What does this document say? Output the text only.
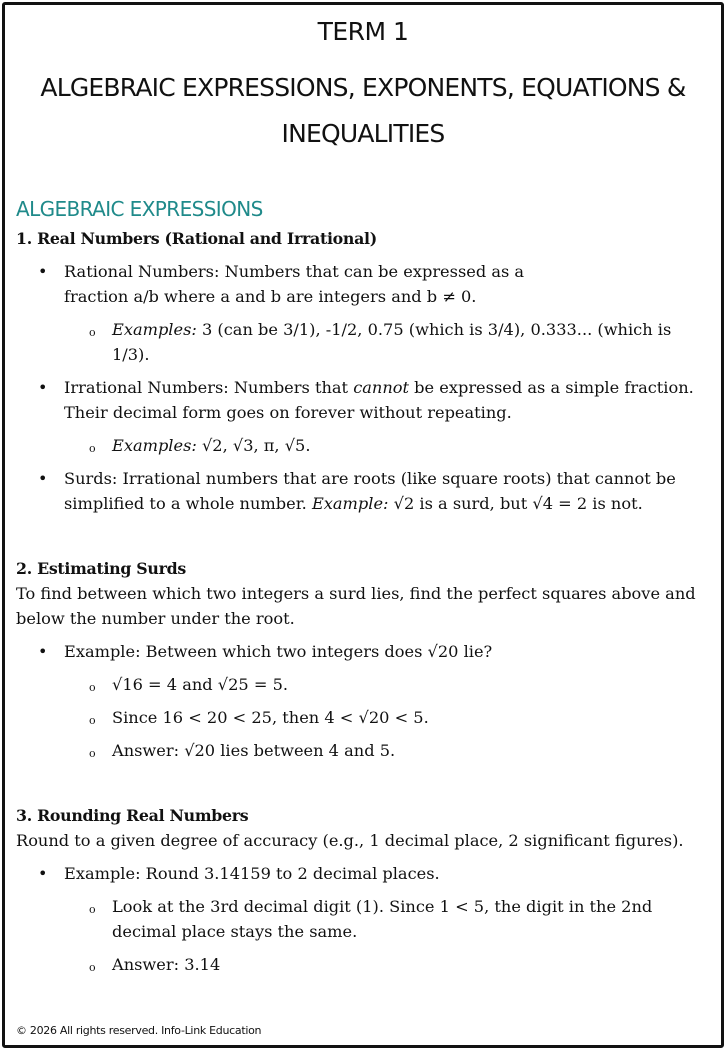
TERM 1
ALGEBRAIC EXPRESSIONS, EXPONENTS, EQUATIONS & INEQUALITIES
ALGEBRAIC EXPRESSIONS

1. Real Numbers (Rational and Irrational)

• Rational Numbers: Numbers that can be expressed as a
fraction a/b where a and b are integers and b ≠ 0.
o Examples: 3 (can be 3/1), -1/2, 0.75 (which is 3/4), 0.333... (which is 1/3).
• Irrational Numbers: Numbers that cannot be expressed as a simple fraction. Their decimal form goes on forever without repeating.
o Examples: √2, √3, π, √5.
• Surds: Irrational numbers that are roots (like square roots) that cannot be simplified to a whole number. Example: √2 is a surd, but √4 = 2 is not.

2. Estimating Surds

To find between which two integers a surd lies, find the perfect squares above and below the number under the root.

• Example: Between which two integers does √20 lie?
o √16 = 4 and √25 = 5.
o Since 16 < 20 < 25, then 4 < √20 < 5.
o Answer: √20 lies between 4 and 5.

3. Rounding Real Numbers

Round to a given degree of accuracy (e.g., 1 decimal place, 2 significant figures).

• Example: Round 3.14159 to 2 decimal places.
o Look at the 3rd decimal digit (1). Since 1 < 5, the digit in the 2nd decimal place stays the same.
o Answer: 3.14
© 2026 All rights reserved. Info-Link Education
